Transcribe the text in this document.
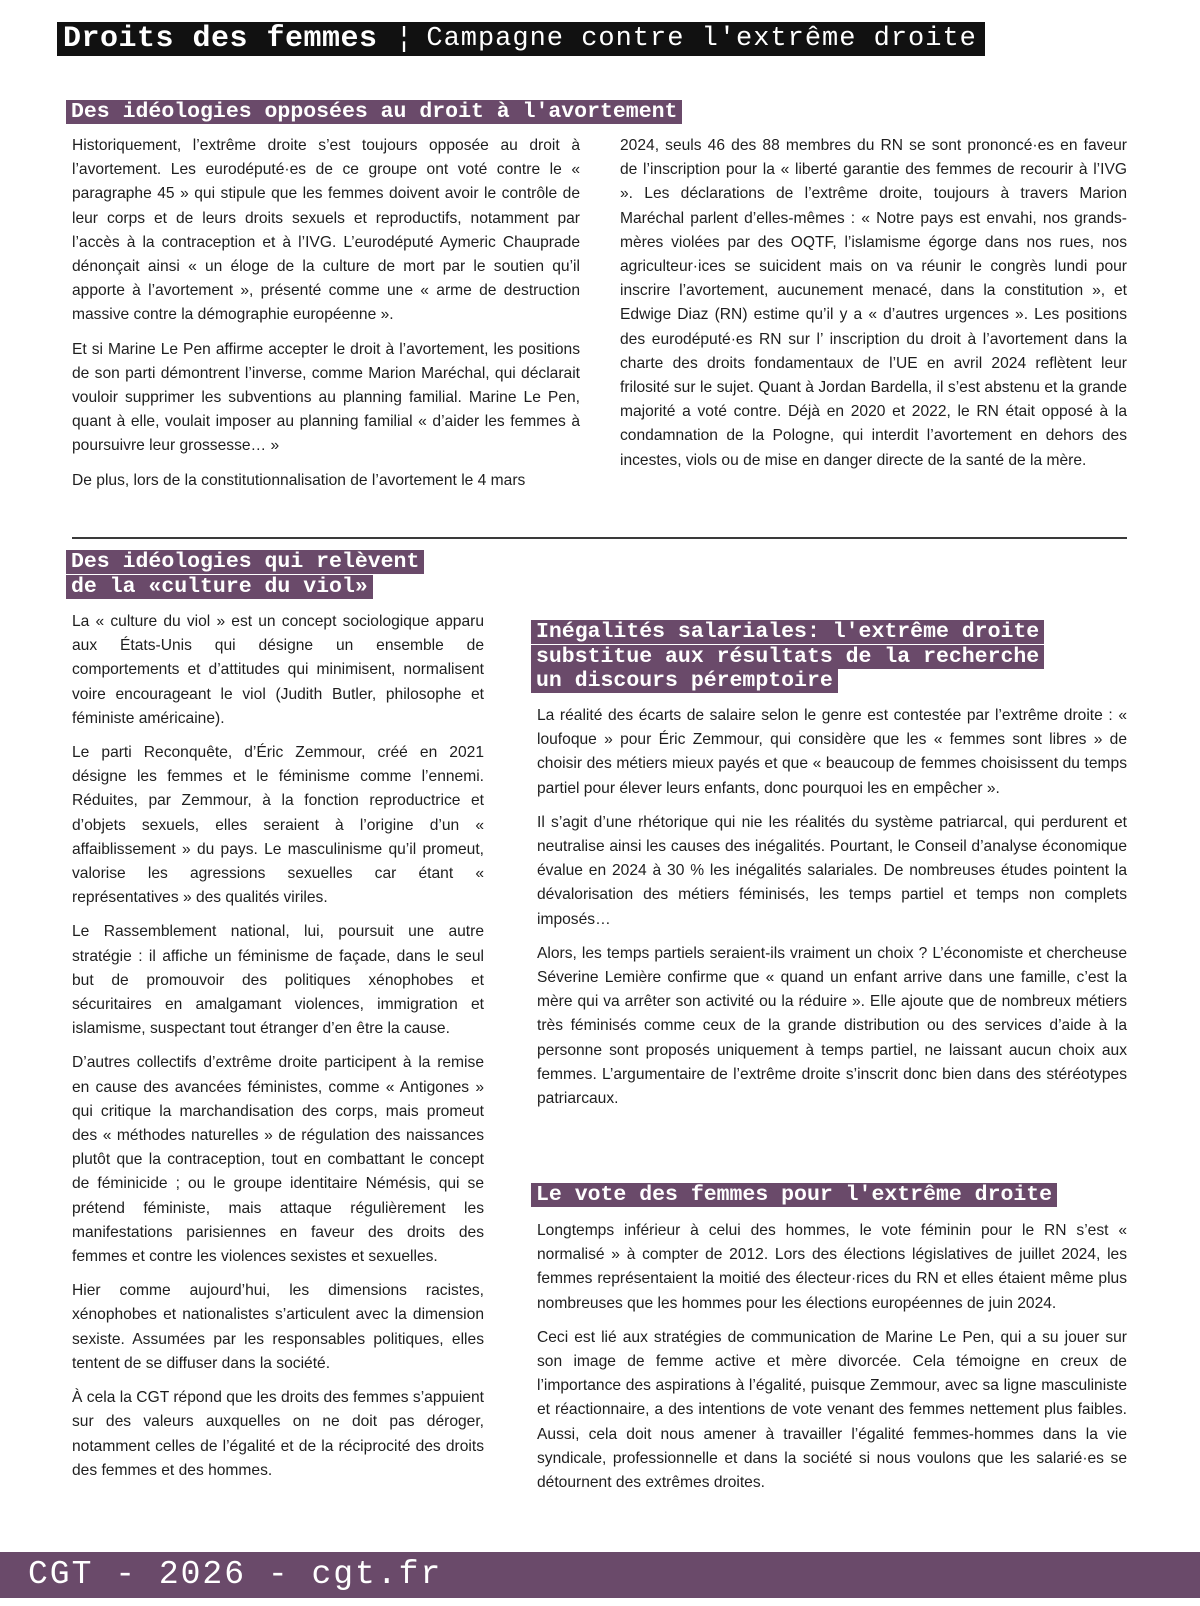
Droits des femmes ¦ Campagne contre l'extrême droite
Des idéologies opposées au droit à l'avortement

Historiquement, l’extrême droite s’est toujours opposée au droit à l’avortement. Les eurodéputé·es de ce groupe ont voté contre le « paragraphe 45 » qui stipule que les femmes doivent avoir le contrôle de leur corps et de leurs droits sexuels et reproductifs, notamment par l’accès à la contraception et à l’IVG. L’eurodéputé Aymeric Chauprade dénonçait ainsi « un éloge de la culture de mort par le soutien qu’il apporte à l’avortement », présenté comme une « arme de destruction massive contre la démographie européenne ».

Et si Marine Le Pen affirme accepter le droit à l’avortement, les positions de son parti démontrent l’inverse, comme Marion Maréchal, qui déclarait vouloir supprimer les subventions au planning familial. Marine Le Pen, quant à elle, voulait imposer au planning familial « d’aider les femmes à poursuivre leur grossesse… »

De plus, lors de la constitutionnalisation de l’avortement le 4 mars

2024, seuls 46 des 88 membres du RN se sont prononcé·es en faveur de l’inscription pour la « liberté garantie des femmes de recourir à l’IVG ». Les déclarations de l’extrême droite, toujours à travers Marion Maréchal parlent d’elles-mêmes : « Notre pays est envahi, nos grands-mères violées par des OQTF, l’islamisme égorge dans nos rues, nos agriculteur·ices se suicident mais on va réunir le congrès lundi pour inscrire l’avortement, aucunement menacé, dans la constitution », et Edwige Diaz (RN) estime qu’il y a « d’autres urgences ». Les positions des eurodéputé·es RN sur l’ inscription du droit à l’avortement dans la charte des droits fondamentaux de l’UE en avril 2024 reflètent leur frilosité sur le sujet. Quant à Jordan Bardella, il s’est abstenu et la grande majorité a voté contre. Déjà en 2020 et 2022, le RN était opposé à la condamnation de la Pologne, qui interdit l’avortement en dehors des incestes, viols ou de mise en danger directe de la santé de la mère.

Des idéologies qui relèvent
de la «culture du viol»

La « culture du viol » est un concept sociologique apparu aux États-Unis qui désigne un ensemble de comportements et d’attitudes qui minimisent, normalisent voire encourageant le viol (Judith Butler, philosophe et féministe américaine).

Le parti Reconquête, d’Éric Zemmour, créé en 2021 désigne les femmes et le féminisme comme l’ennemi. Réduites, par Zemmour, à la fonction reproductrice et d’objets sexuels, elles seraient à l’origine d’un « affaiblissement » du pays. Le masculinisme qu’il promeut, valorise les agressions sexuelles car étant « représentatives » des qualités viriles.

Le Rassemblement national, lui, poursuit une autre stratégie : il affiche un féminisme de façade, dans le seul but de promouvoir des politiques xénophobes et sécuritaires en amalgamant violences, immigration et islamisme, suspectant tout étranger d’en être la cause.

D’autres collectifs d’extrême droite participent à la remise en cause des avancées féministes, comme « Antigones » qui critique la marchandisation des corps, mais promeut des « méthodes naturelles » de régulation des naissances plutôt que la contraception, tout en combattant le concept de féminicide ; ou le groupe identitaire Némésis, qui se prétend féministe, mais attaque régulièrement les manifestations parisiennes en faveur des droits des femmes et contre les violences sexistes et sexuelles.

Hier comme aujourd’hui, les dimensions racistes, xénophobes et nationalistes s’articulent avec la dimension sexiste. Assumées par les responsables politiques, elles tentent de se diffuser dans la société.

À cela la CGT répond que les droits des femmes s’appuient sur des valeurs auxquelles on ne doit pas déroger, notamment celles de l’égalité et de la réciprocité des droits des femmes et des hommes.

Inégalités salariales: l'extrême droite
substitue aux résultats de la recherche
un discours péremptoire

La réalité des écarts de salaire selon le genre est contestée par l’extrême droite : « loufoque » pour Éric Zemmour, qui considère que les « femmes sont libres » de choisir des métiers mieux payés et que « beaucoup de femmes choisissent du temps partiel pour élever leurs enfants, donc pourquoi les en empêcher ».

Il s’agit d’une rhétorique qui nie les réalités du système patriarcal, qui perdurent et neutralise ainsi les causes des inégalités. Pourtant, le Conseil d’analyse économique évalue en 2024 à 30 % les inégalités salariales. De nombreuses études pointent la dévalorisation des métiers féminisés, les temps partiel et temps non complets imposés…

Alors, les temps partiels seraient-ils vraiment un choix ? L’économiste et chercheuse Séverine Lemière confirme que « quand un enfant arrive dans une famille, c’est la mère qui va arrêter son activité ou la réduire ». Elle ajoute que de nombreux métiers très féminisés comme ceux de la grande distribution ou des services d’aide à la personne sont proposés uniquement à temps partiel, ne laissant aucun choix aux femmes. L’argumentaire de l’extrême droite s’inscrit donc bien dans des stéréotypes patriarcaux.

Le vote des femmes pour l'extrême droite

Longtemps inférieur à celui des hommes, le vote féminin pour le RN s’est « normalisé » à compter de 2012. Lors des élections législatives de juillet 2024, les femmes représentaient la moitié des électeur·rices du RN et elles étaient même plus nombreuses que les hommes pour les élections européennes de juin 2024.

Ceci est lié aux stratégies de communication de Marine Le Pen, qui a su jouer sur son image de femme active et mère divorcée. Cela témoigne en creux de l’importance des aspirations à l’égalité, puisque Zemmour, avec sa ligne masculiniste et réactionnaire, a des intentions de vote venant des femmes nettement plus faibles. Aussi, cela doit nous amener à travailler l’égalité femmes-hommes dans la vie syndicale, professionnelle et dans la société si nous voulons que les salarié·es se détournent des extrêmes droites.

CGT - 2026 - cgt.fr
